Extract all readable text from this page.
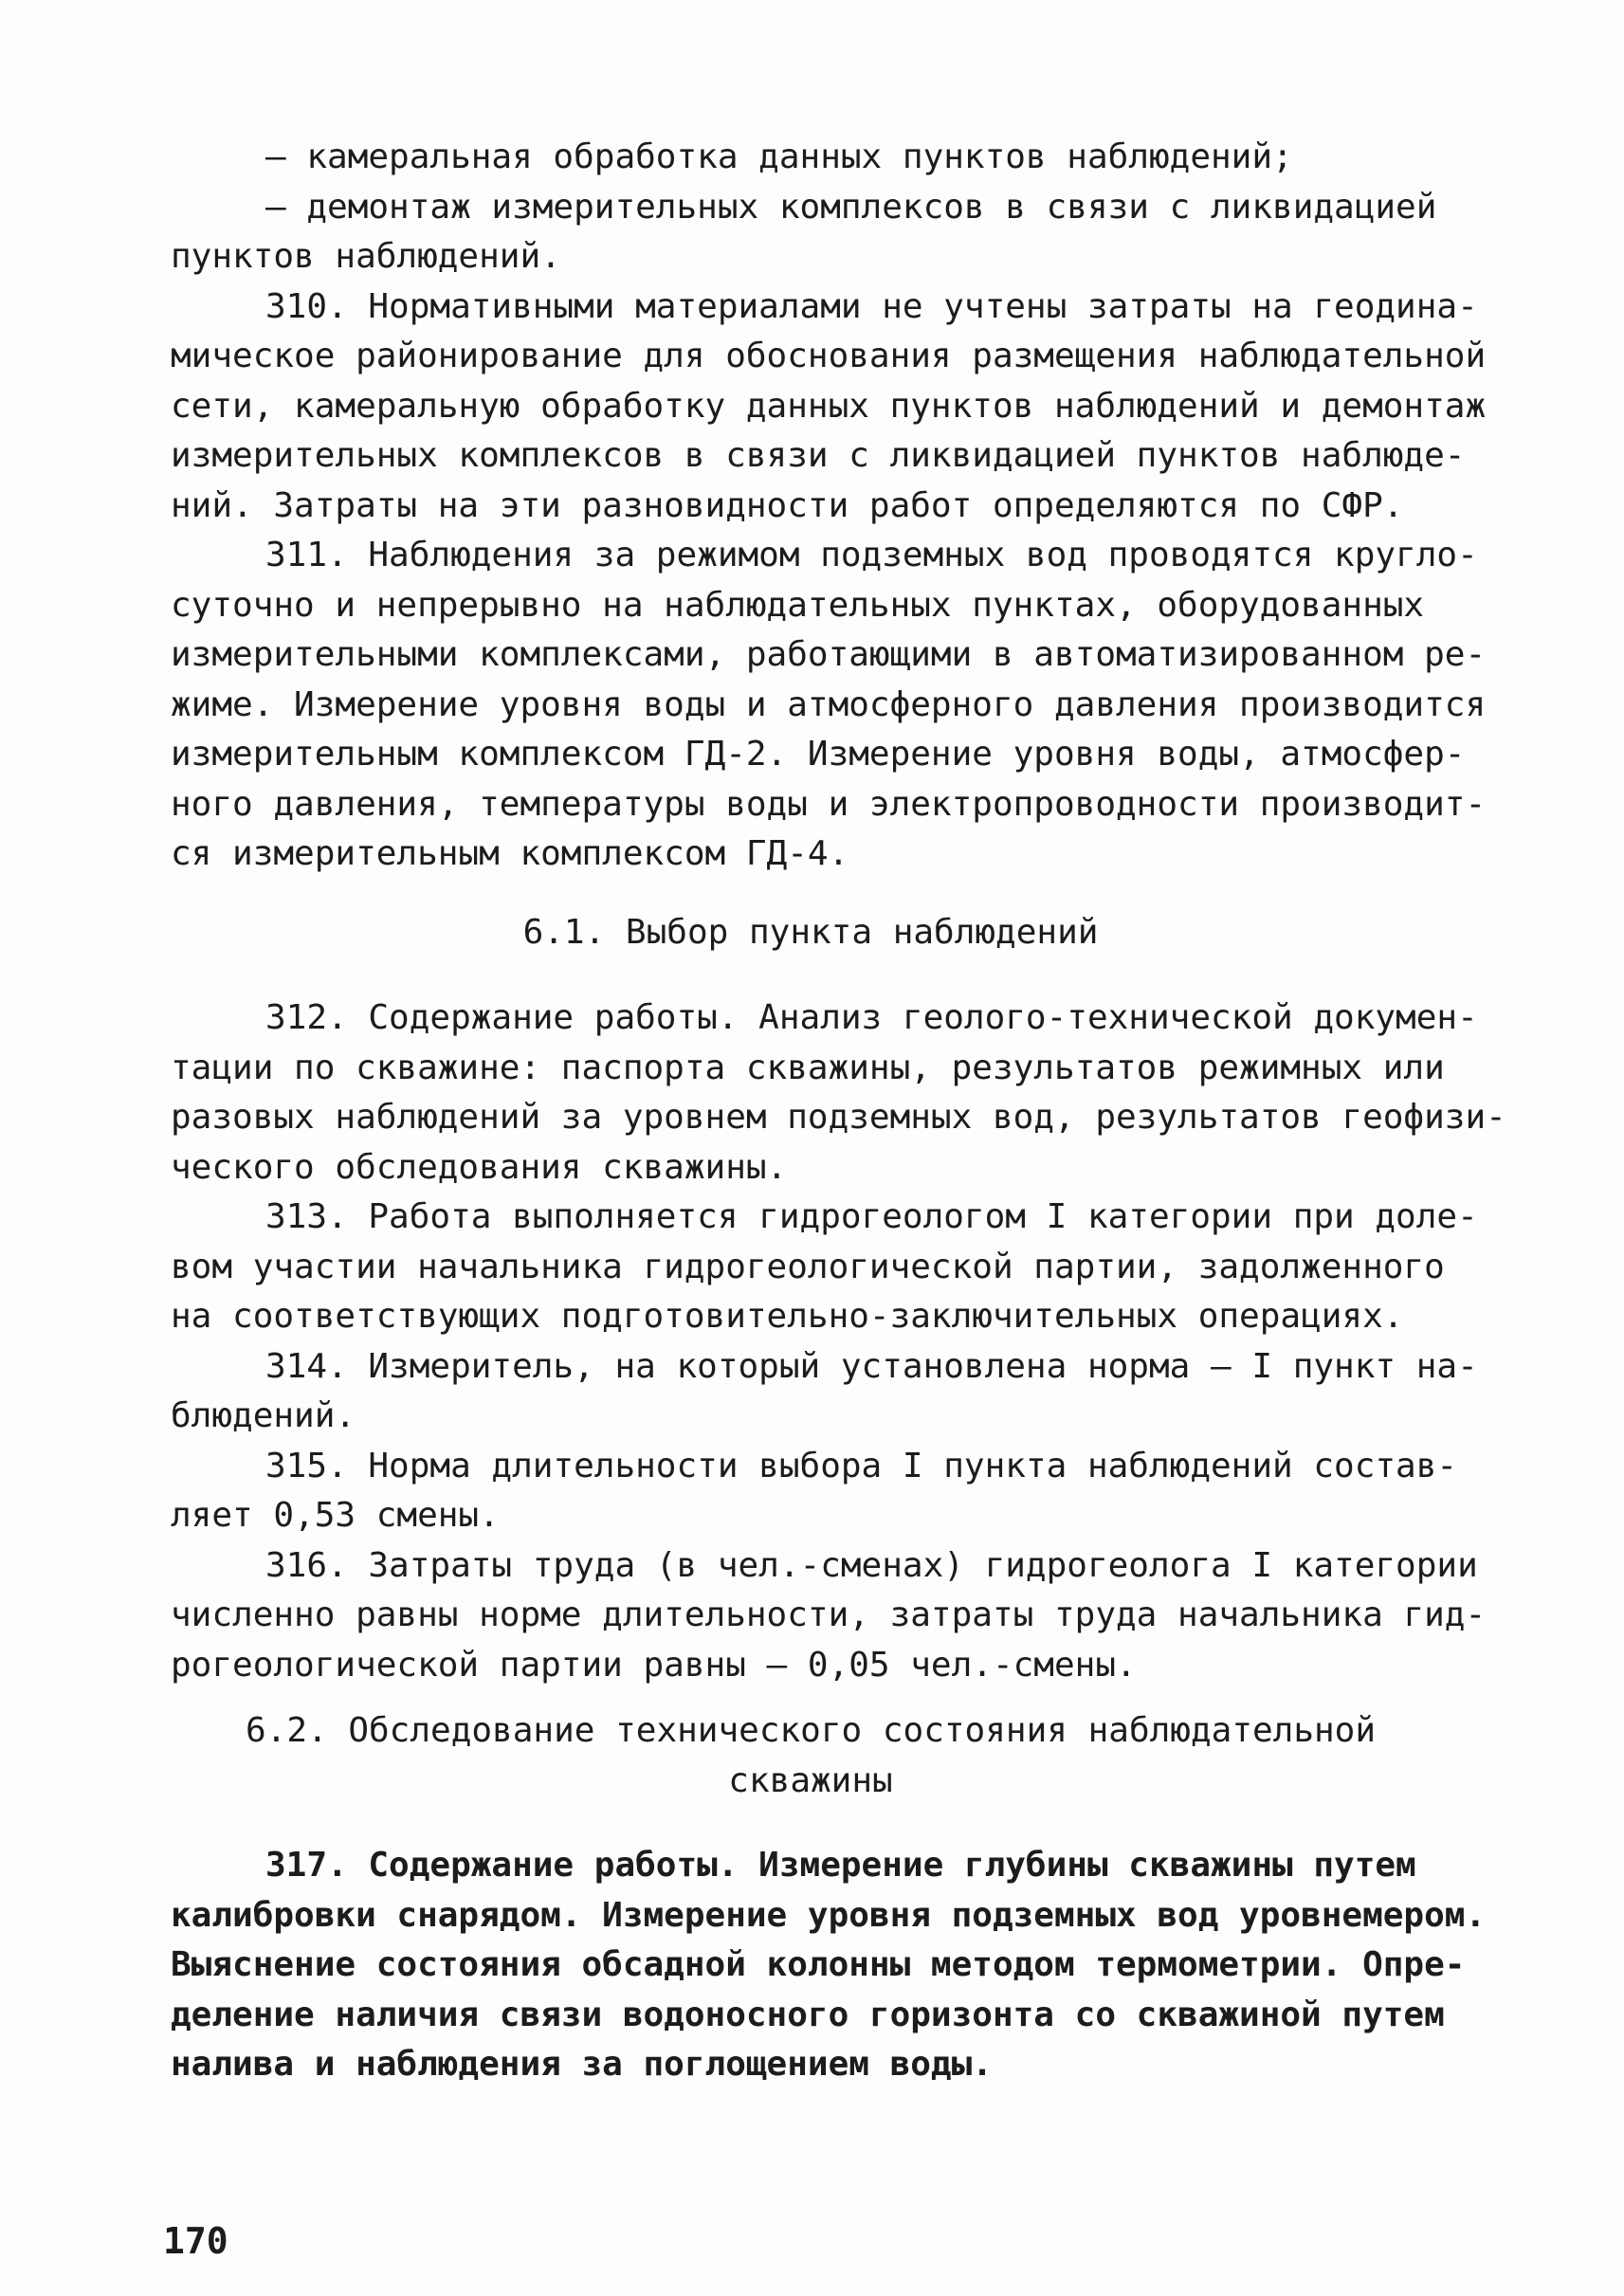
– камеральная обработка данных пунктов наблюдений;
– демонтаж измерительных комплексов в связи с ликвидацией
пунктов наблюдений.
310. Нормативными материалами не учтены затраты на геодина-
мическое районирование для обоснования размещения наблюдательной
сети, камеральную обработку данных пунктов наблюдений и демонтаж
измерительных комплексов в связи с ликвидацией пунктов наблюде-
ний. Затраты на эти разновидности работ определяются по СФР.
311. Наблюдения за режимом подземных вод проводятся кругло-
суточно и непрерывно на наблюдательных пунктах, оборудованных
измерительными комплексами, работающими в автоматизированном ре-
жиме. Измерение уровня воды и атмосферного давления производится
измерительным комплексом ГД-2. Измерение уровня воды, атмосфер-
ного давления, температуры воды и электропроводности производит-
ся измерительным комплексом ГД-4.
6.1. Выбор пункта наблюдений
312. Содержание работы. Анализ геолого-технической докумен-
тации по скважине: паспорта скважины, результатов режимных или
разовых наблюдений за уровнем подземных вод, результатов геофизи-
ческого обследования скважины.
313. Работа выполняется гидрогеологом I категории при доле-
вом участии начальника гидрогеологической партии, задолженного
на соответствующих подготовительно-заключительных операциях.
314. Измеритель, на который установлена норма – I пункт на-
блюдений.
315. Норма длительности выбора I пункта наблюдений состав-
ляет 0,53 смены.
316. Затраты труда (в чел.-сменах) гидрогеолога I категории
численно равны норме длительности, затраты труда начальника гид-
рогеологической партии равны – 0,05 чел.-смены.
6.2. Обследование технического состояния наблюдательной
скважины
317. Содержание работы. Измерение глубины скважины путем
калибровки снарядом. Измерение уровня подземных вод уровнемером.
Выяснение состояния обсадной колонны методом термометрии. Опре-
деление наличия связи водоносного горизонта со скважиной путем
налива и наблюдения за поглощением воды.
170
